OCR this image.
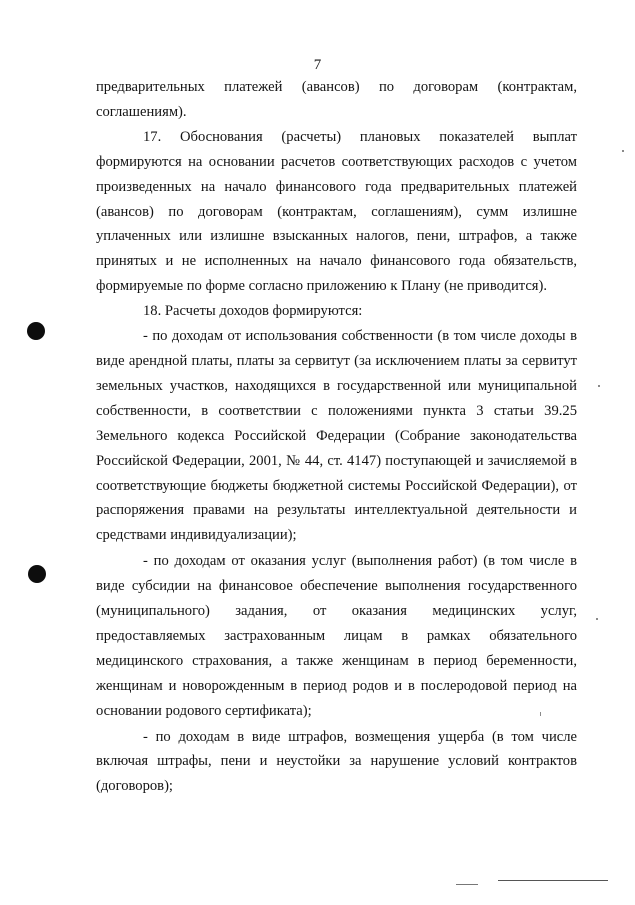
7

предварительных платежей (авансов) по договорам (контрактам, соглашениям).

17. Обоснования (расчеты) плановых показателей выплат формируются на основании расчетов соответствующих расходов с учетом произведенных на начало финансового года предварительных платежей (авансов) по договорам (контрактам, соглашениям), сумм излишне уплаченных или излишне взысканных налогов, пени, штрафов, а также принятых и не исполненных на начало финансового года обязательств, формируемые по форме согласно приложению к Плану (не приводится).

18. Расчеты доходов формируются:

- по доходам от использования собственности (в том числе доходы в виде арендной платы, платы за сервитут (за исключением платы за сервитут земельных участков, находящихся в государственной или муниципальной собственности, в соответствии с положениями пункта 3 статьи 39.25 Земельного кодекса Российской Федерации (Собрание законодательства Российской Федерации, 2001, № 44, ст. 4147) поступающей и зачисляемой в соответствующие бюджеты бюджетной системы Российской Федерации), от распоряжения правами на результаты интеллектуальной деятельности и средствами индивидуализации);

- по доходам от оказания услуг (выполнения работ) (в том числе в виде субсидии на финансовое обеспечение выполнения государственного (муниципального) задания, от оказания медицинских услуг, предоставляемых застрахованным лицам в рамках обязательного медицинского страхования, а также женщинам в период беременности, женщинам и новорожденным в период родов и в послеродовой период на основании родового сертификата);

- по доходам в виде штрафов, возмещения ущерба (в том числе включая штрафы, пени и неустойки за нарушение условий контрактов (договоров);
